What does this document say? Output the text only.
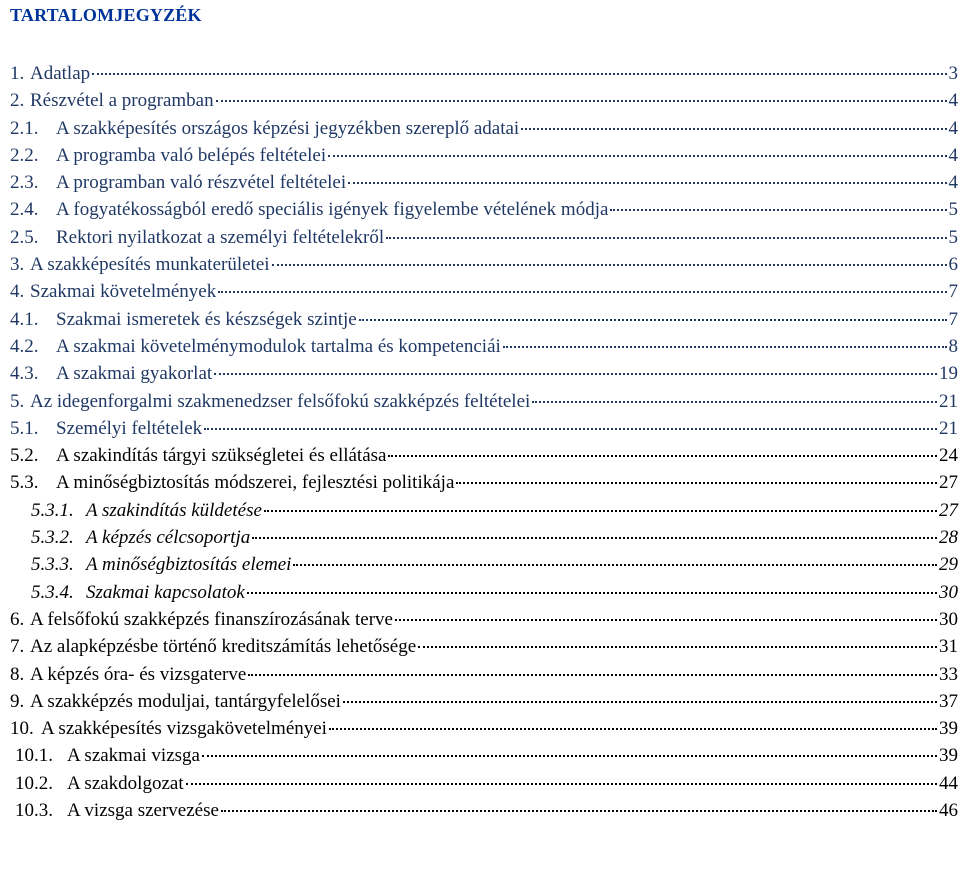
TARTALOMJEGYZÉK
1. Adatlap	3
2. Részvétel a programban	4
2.1. A szakképesítés országos képzési jegyzékben szereplő adatai	4
2.2. A programba való belépés feltételei	4
2.3. A programban való részvétel feltételei	4
2.4. A fogyatékosságból eredő speciális igények figyelembe vételének módja	5
2.5. Rektori nyilatkozat a személyi feltételekről	5
3. A szakképesítés munkaterületei	6
4. Szakmai követelmények	7
4.1. Szakmai ismeretek és készségek szintje	7
4.2. A szakmai követelménymodulok tartalma és kompetenciái	8
4.3. A szakmai gyakorlat	19
5. Az idegenforgalmi szakmenedzser felsőfokú szakképzés feltételei	21
5.1. Személyi feltételek	21
5.2. A szakindítás tárgyi szükségletei és ellátása	24
5.3. A minőségbiztosítás módszerei, fejlesztési politikája	27
5.3.1. A szakindítás küldetése	27
5.3.2. A képzés célcsoportja	28
5.3.3. A minőségbiztosítás elemei	29
5.3.4. Szakmai kapcsolatok	30
6. A felsőfokú szakképzés finanszírozásának terve	30
7. Az alapképzésbe történő kreditszámítás lehetősége	31
8. A képzés óra- és vizsgaterve	33
9. A szakképzés moduljai, tantárgyfelelősei	37
10. A szakképesítés vizsgakövetelményei	39
10.1. A szakmai vizsga	39
10.2. A szakdolgozat	44
10.3. A vizsga szervezése	46
